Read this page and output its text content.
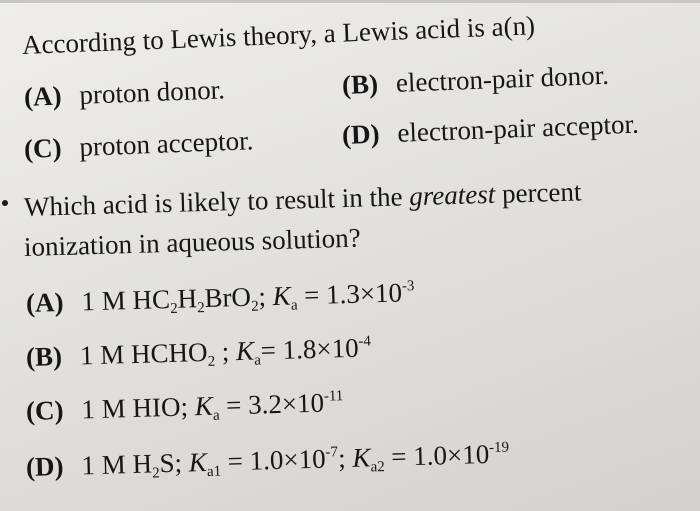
According to Lewis theory, a Lewis acid is a(n)
(A) proton donor.	(B) electron-pair donor.
(C) proton acceptor.	(D) electron-pair acceptor.
Which acid is likely to result in the greatest percent
ionization in aqueous solution?
(A) 1 M $HC_2H_2BrO_2$; $K_a = 1.3\times 10^{-3}$
(B) 1 M $HCHO_2$ ; $K_a= 1.8\times 10^{-4}$
(C) 1 M HIO; $K_a = 3.2\times 10^{-11}$
(D) 1 M $H_2S$; $K_{a1} = 1.0\times 10^{-7}$; $K_{a2} = 1.0\times 10^{-19}$
